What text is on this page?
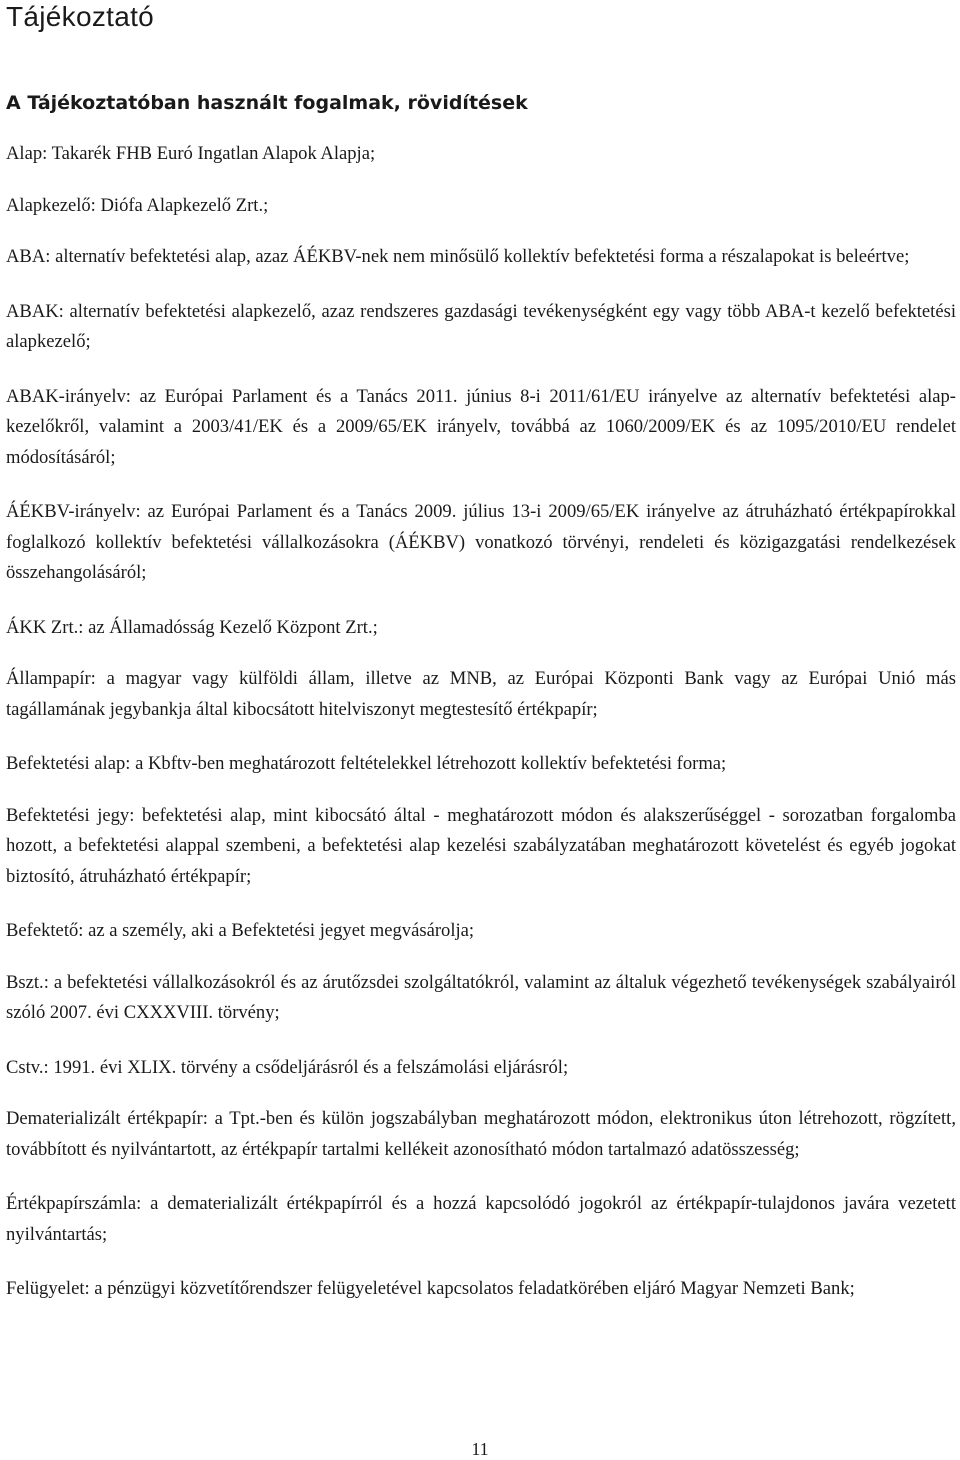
Tájékoztató
A Tájékoztatóban használt fogalmak, rövidítések

Alap: Takarék FHB Euró Ingatlan Alapok Alapja;

Alapkezelő: Diófa Alapkezelő Zrt.;

ABA: alternatív befektetési alap, azaz ÁÉKBV-nek nem minősülő kollektív befektetési forma a részalapokat is beleértve;

ABAK: alternatív befektetési alapkezelő, azaz rendszeres gazdasági tevékenységként egy vagy több ABA-t kezelő befektetési alapkezelő;

ABAK-irányelv: az Európai Parlament és a Tanács 2011. június 8-i 2011/61/EU irányelve az alternatív befektetési alap-kezelőkről, valamint a 2003/41/EK és a 2009/65/EK irányelv, továbbá az 1060/2009/EK és az 1095/2010/EU rendelet módosításáról;

ÁÉKBV-irányelv: az Európai Parlament és a Tanács 2009. július 13-i 2009/65/EK irányelve az átruházható értékpapírokkal foglalkozó kollektív befektetési vállalkozásokra (ÁÉKBV) vonatkozó törvényi, rendeleti és közigazgatási rendelkezések összehangolásáról;

ÁKK Zrt.: az Államadósság Kezelő Központ Zrt.;

Állampapír: a magyar vagy külföldi állam, illetve az MNB, az Európai Központi Bank vagy az Európai Unió más tagállamának jegybankja által kibocsátott hitelviszonyt megtestesítő értékpapír;

Befektetési alap: a Kbftv-ben meghatározott feltételekkel létrehozott kollektív befektetési forma;

Befektetési jegy: befektetési alap, mint kibocsátó által - meghatározott módon és alakszerűséggel - sorozatban forgalomba hozott, a befektetési alappal szembeni, a befektetési alap kezelési szabályzatában meghatározott követelést és egyéb jogokat biztosító, átruházható értékpapír;

Befektető: az a személy, aki a Befektetési jegyet megvásárolja;

Bszt.: a befektetési vállalkozásokról és az árutőzsdei szolgáltatókról, valamint az általuk végezhető tevékenységek szabályairól szóló 2007. évi CXXXVIII. törvény;

Cstv.: 1991. évi XLIX. törvény a csődeljárásról és a felszámolási eljárásról;

Dematerializált értékpapír: a Tpt.-ben és külön jogszabályban meghatározott módon, elektronikus úton létrehozott, rögzített, továbbított és nyilvántartott, az értékpapír tartalmi kellékeit azonosítható módon tartalmazó adatösszesség;

Értékpapírszámla: a dematerializált értékpapírról és a hozzá kapcsolódó jogokról az értékpapír-tulajdonos javára vezetett nyilvántartás;

Felügyelet: a pénzügyi közvetítőrendszer felügyeletével kapcsolatos feladatkörében eljáró Magyar Nemzeti Bank;

11
